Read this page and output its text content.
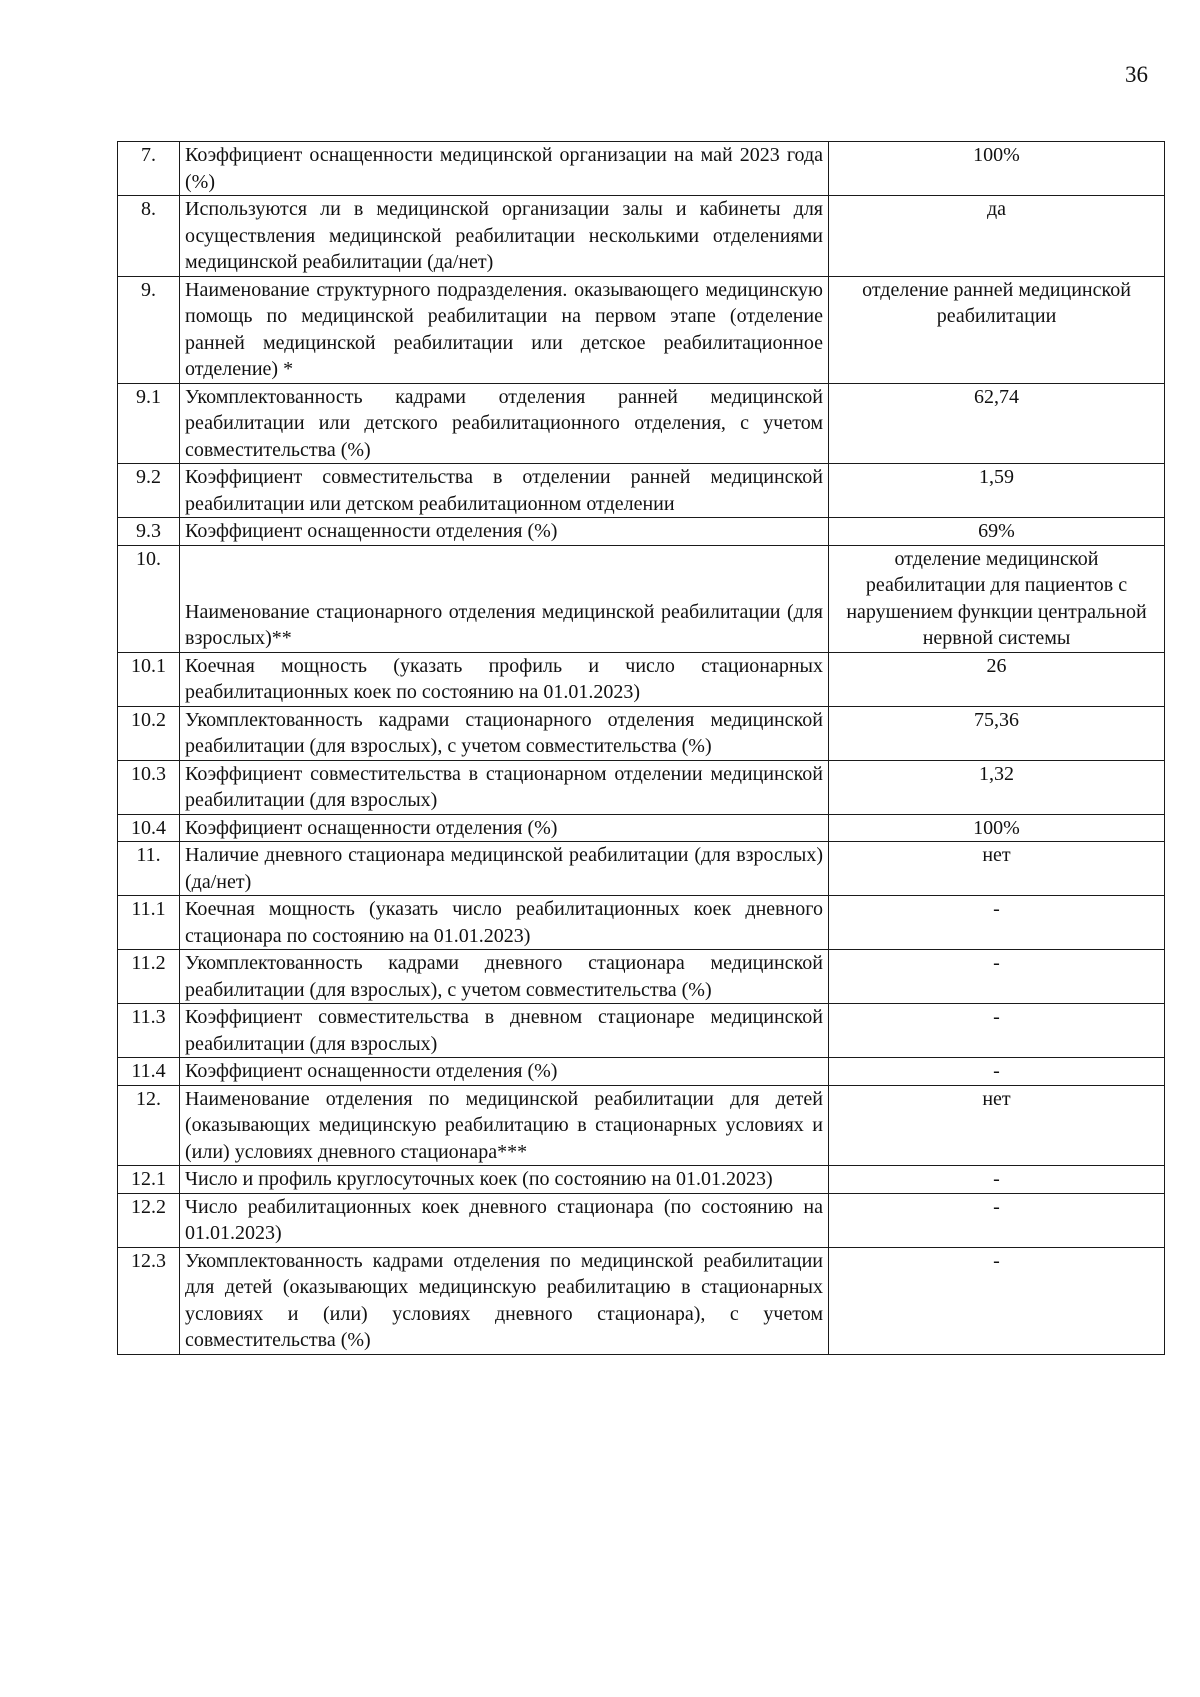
36
7.	Коэффициент оснащенности медицинской организации на май 2023 года (%)	100%
8.	Используются ли в медицинской организации залы и кабинеты для осуществления медицинской реабилитации несколькими отделениями медицинской реабилитации (да/нет)	да
9.	Наименование структурного подразделения. оказывающего медицинскую помощь по медицинской реабилитации на первом этапе (отделение ранней медицинской реабилитации или детское реабилитационное отделение) *	отделение ранней медицинской реабилитации
9.1	Укомплектованность кадрами отделения ранней медицинской реабилитации или детского реабилитационного отделения, с учетом совместительства (%)	62,74
9.2	Коэффициент совместительства в отделении ранней медицинской реабилитации или детском реабилитационном отделении	1,59
9.3	Коэффициент оснащенности отделения (%)	69%
10.	Наименование стационарного отделения медицинской реабилитации (для взрослых)**	отделение медицинской реабилитации для пациентов с нарушением функции центральной нервной системы
10.1	Коечная мощность (указать профиль и число стационарных реабилитационных коек по состоянию на 01.01.2023)	26
10.2	Укомплектованность кадрами стационарного отделения медицинской реабилитации (для взрослых), с учетом совместительства (%)	75,36
10.3	Коэффициент совместительства в стационарном отделении медицинской реабилитации (для взрослых)	1,32
10.4	Коэффициент оснащенности отделения (%)	100%
11.	Наличие дневного стационара медицинской реабилитации (для взрослых) (да/нет)	нет
11.1	Коечная мощность (указать число реабилитационных коек дневного стационара по состоянию на 01.01.2023)	-
11.2	Укомплектованность кадрами дневного стационара медицинской реабилитации (для взрослых), с учетом совместительства (%)	-
11.3	Коэффициент совместительства в дневном стационаре медицинской реабилитации (для взрослых)	-
11.4	Коэффициент оснащенности отделения (%)	-
12.	Наименование отделения по медицинской реабилитации для детей (оказывающих медицинскую реабилитацию в стационарных условиях и (или) условиях дневного стационара***	нет
12.1	Число и профиль круглосуточных коек (по состоянию на 01.01.2023)	-
12.2	Число реабилитационных коек дневного стационара (по состоянию на 01.01.2023)	-
12.3	Укомплектованность кадрами отделения по медицинской реабилитации для детей (оказывающих медицинскую реабилитацию в стационарных условиях и (или) условиях дневного стационара), с учетом совместительства (%)	-
